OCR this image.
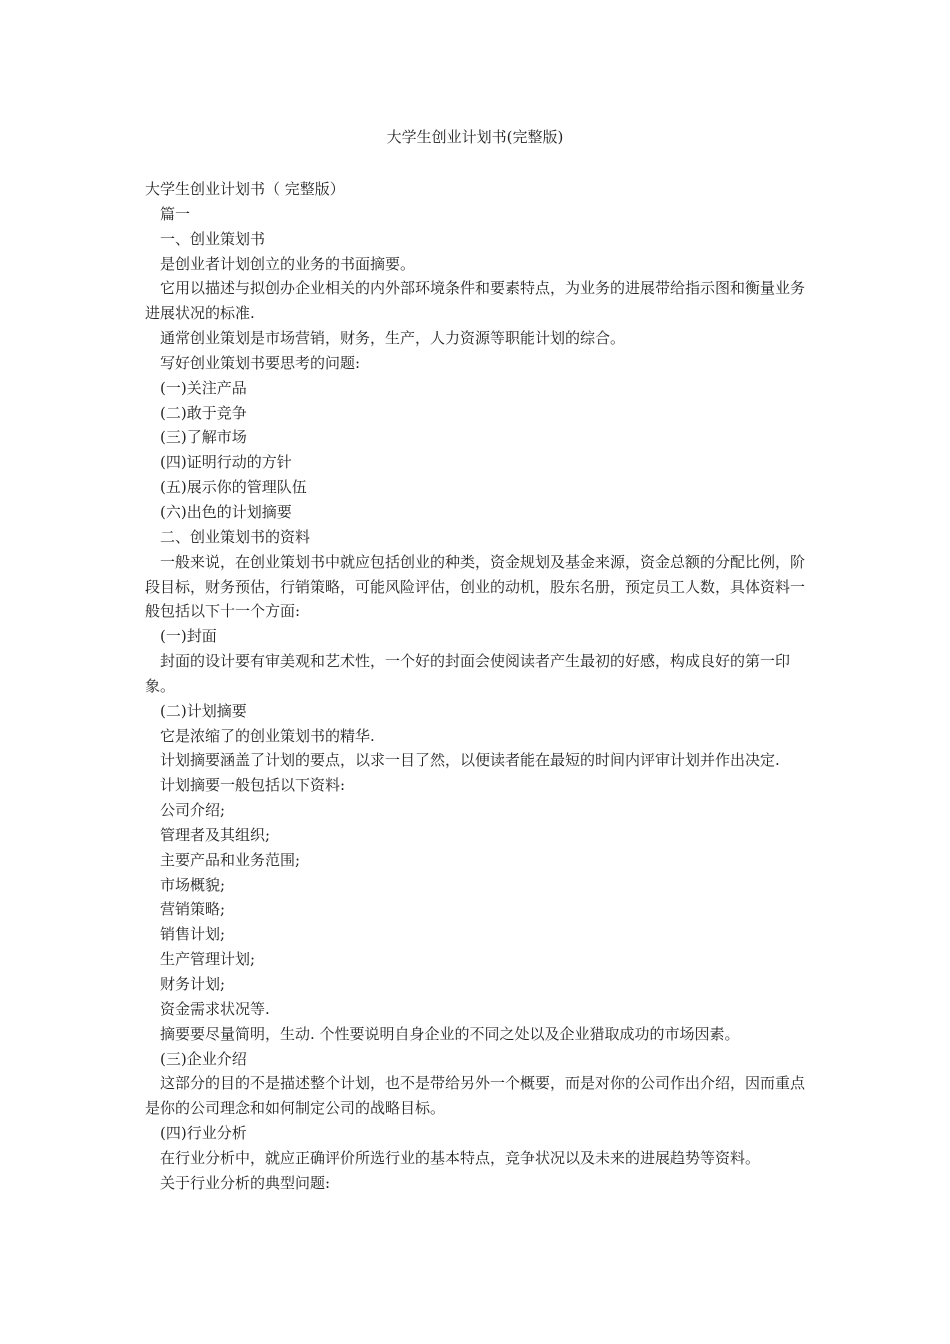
大学生创业计划书(完整版)

大学生创业计划书（ 完整版）

篇一

一、创业策划书

是创业者计划创立的业务的书面摘要。

它用以描述与拟创办企业相关的内外部环境条件和要素特点，为业务的进展带给指示图和衡量业务进展状况的标准.

通常创业策划是市场营销，财务，生产，人力资源等职能计划的综合。

写好创业策划书要思考的问题:

(一)关注产品

(二)敢于竞争

(三)了解市场

(四)证明行动的方针

(五)展示你的管理队伍

(六)出色的计划摘要

二、创业策划书的资料

一般来说，在创业策划书中就应包括创业的种类，资金规划及基金来源，资金总额的分配比例，阶段目标，财务预估，行销策略，可能风险评估，创业的动机，股东名册，预定员工人数，具体资料一般包括以下十一个方面:

(一)封面

封面的设计要有审美观和艺术性，一个好的封面会使阅读者产生最初的好感，构成良好的第一印象。

(二)计划摘要

它是浓缩了的创业策划书的精华.

计划摘要涵盖了计划的要点，以求一目了然，以便读者能在最短的时间内评审计划并作出决定.

计划摘要一般包括以下资料:

公司介绍;

管理者及其组织;

主要产品和业务范围;

市场概貌;

营销策略;

销售计划;

生产管理计划;

财务计划;

资金需求状况等.

摘要要尽量简明，生动. 个性要说明自身企业的不同之处以及企业猎取成功的市场因素。

(三)企业介绍

这部分的目的不是描述整个计划，也不是带给另外一个概要，而是对你的公司作出介绍，因而重点是你的公司理念和如何制定公司的战略目标。

(四)行业分析

在行业分析中，就应正确评价所选行业的基本特点，竞争状况以及未来的进展趋势等资料。

关于行业分析的典型问题:
